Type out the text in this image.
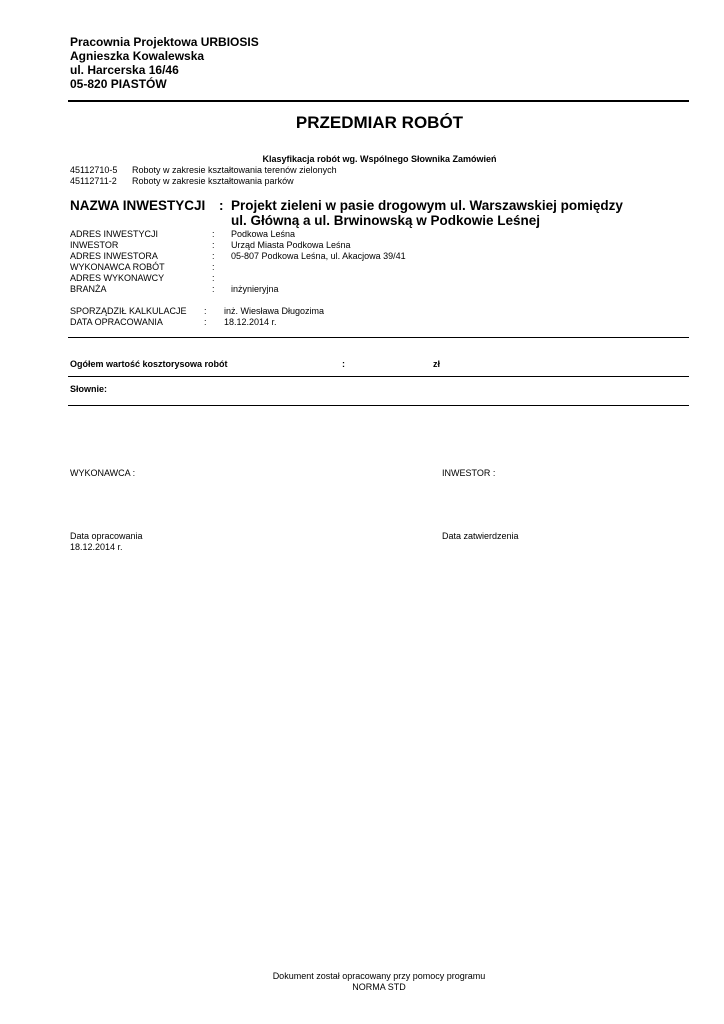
Pracownia Projektowa URBIOSIS
Agnieszka Kowalewska
ul. Harcerska 16/46
05-820 PIASTÓW
PRZEDMIAR ROBÓT
Klasyfikacja robót wg. Wspólnego Słownika Zamówień
45112710-5 Roboty w zakresie kształtowania terenów zielonych
45112711-2 Roboty w zakresie kształtowania parków
NAZWA INWESTYCJI : Projekt zieleni w pasie drogowym ul. Warszawskiej pomiędzy
ul. Główną a ul. Brwinowską w Podkowie Leśnej
ADRES INWESTYCJI	: Podkowa Leśna
INWESTOR	: Urząd Miasta Podkowa Leśna
ADRES INWESTORA	: 05-807 Podkowa Leśna, ul. Akacjowa 39/41
WYKONAWCA ROBÓT	:
ADRES WYKONAWCY	:
BRANŻA	: inżynieryjna
SPORZĄDZIŁ KALKULACJE : inż. Wiesława Długozima
DATA OPRACOWANIA	: 18.12.2014 r.
Ogółem wartość kosztorysowa robót	:	zł
Słownie:
WYKONAWCA :	INWESTOR :
Data opracowania
18.12.2014 r.
Data zatwierdzenia
Dokument został opracowany przy pomocy programu
NORMA STD
